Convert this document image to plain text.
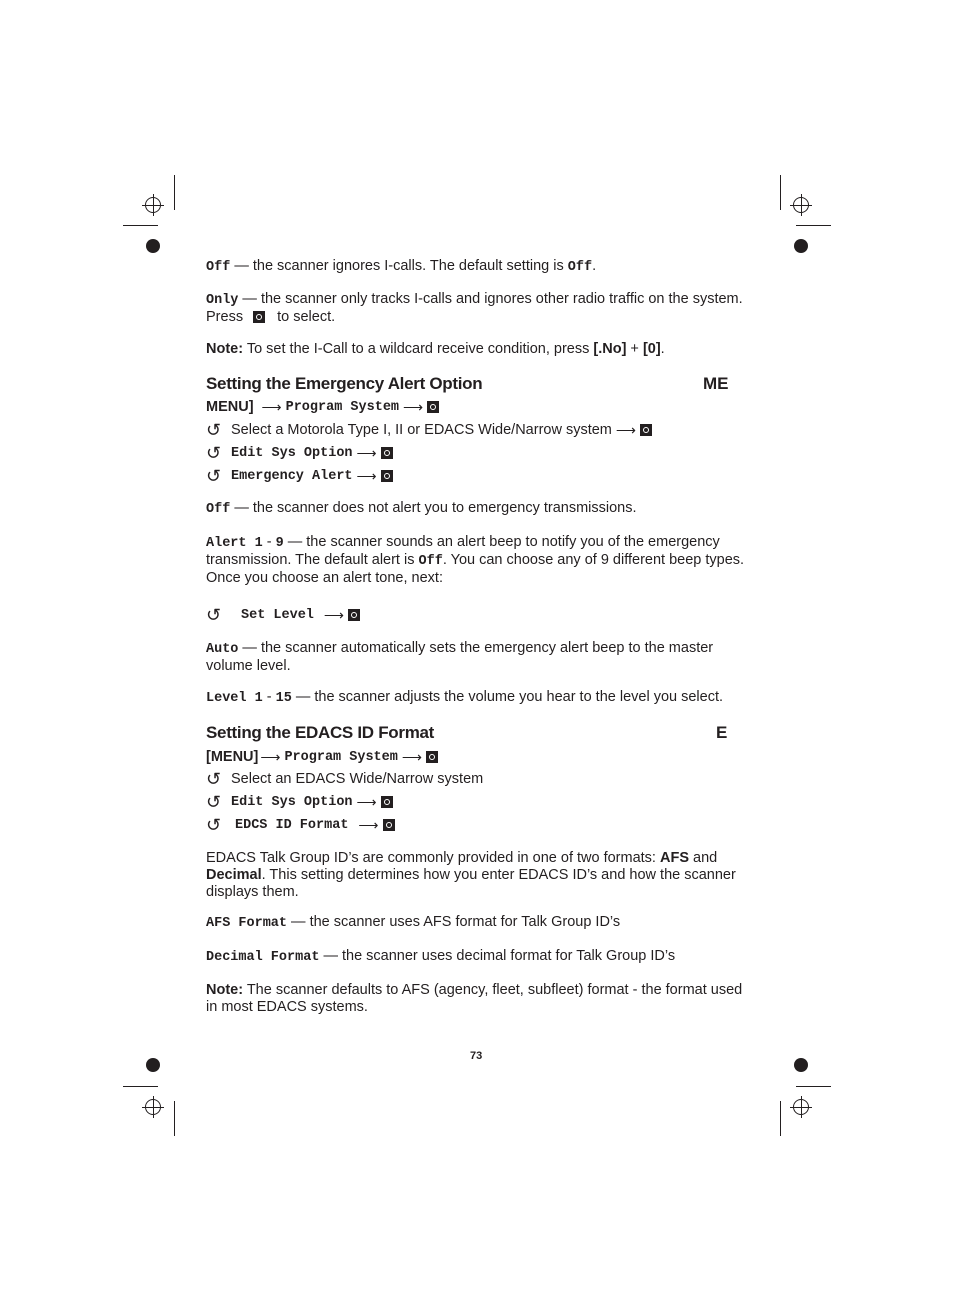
Off — the scanner ignores I-calls. The default setting is Off.

Only — the scanner only tracks I-calls and ignores other radio traffic on the system.
Press to select.

Note: To set the I-Call to a wildcard receive condition, press [.No] + [0].

Setting the Emergency Alert Option	ME
MENU] ⟶ Program System ⟶
↺ Select a Motorola Type I, II or EDACS Wide/Narrow system ⟶
↺ Edit Sys Option ⟶
↺ Emergency Alert ⟶

Off — the scanner does not alert you to emergency transmissions.

Alert 1 - 9 — the scanner sounds an alert beep to notify you of the emergency transmission. The default alert is Off. You can choose any of 9 different beep types. Once you choose an alert tone, next:

↺ Set Level ⟶

Auto — the scanner automatically sets the emergency alert beep to the master volume level.

Level 1 - 15 — the scanner adjusts the volume you hear to the level you select.

Setting the EDACS ID Format	E
[MENU] ⟶ Program System ⟶
↺ Select an EDACS Wide/Narrow system
↺ Edit Sys Option ⟶
↺ EDCS ID Format ⟶

EDACS Talk Group ID’s are commonly provided in one of two formats: AFS and Decimal. This setting determines how you enter EDACS ID’s and how the scanner displays them.

AFS Format — the scanner uses AFS format for Talk Group ID’s

Decimal Format — the scanner uses decimal format for Talk Group ID’s

Note: The scanner defaults to AFS (agency, fleet, subfleet) format - the format used in most EDACS systems.

73
